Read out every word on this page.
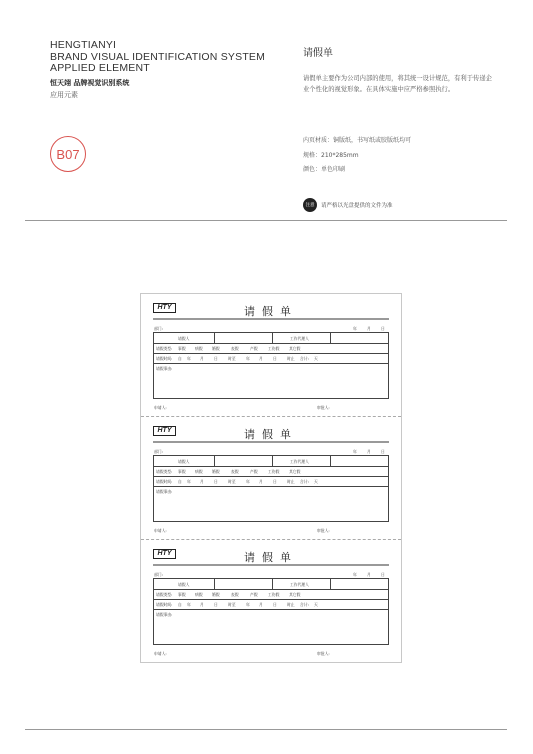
HENGTIANYI
BRAND VISUAL IDENTIFICATION SYSTEM
APPLIED ELEMENT
恒天翊 品牌视觉识别系统
应用元素
B07
请假单
请假单主要作为公司内部的使用，将其统一设计规范，有利于传递企
业个性化的视觉形象。在具体实施中应严格参照执行。
内页材质：铜版纸，书写纸或胶版纸均可
规格：210*285mm
颜色：单色印刷
注意	请严格以光盘提供的文件为准
HTY	请假单
部门:	年	月	日
请假人	工作代理人
请假类型: 事假 病假 婚假	丧假	产假	工伤假	其它假
请假时间: 自 年 月	日	时至	年 月	日	时止 合计: 天
请假事由:
申请人:	审批人:
HTY	请假单
部门:	年	月	日
请假人	工作代理人
请假类型: 事假 病假 婚假	丧假	产假	工伤假	其它假
请假时间: 自 年 月	日	时至	年 月	日	时止 合计: 天
请假事由:
申请人:	审批人:
HTY	请假单
部门:	年	月	日
请假人	工作代理人
请假类型: 事假 病假 婚假	丧假	产假	工伤假	其它假
请假时间: 自 年 月	日	时至	年 月	日	时止 合计: 天
请假事由:
申请人:	审批人:
